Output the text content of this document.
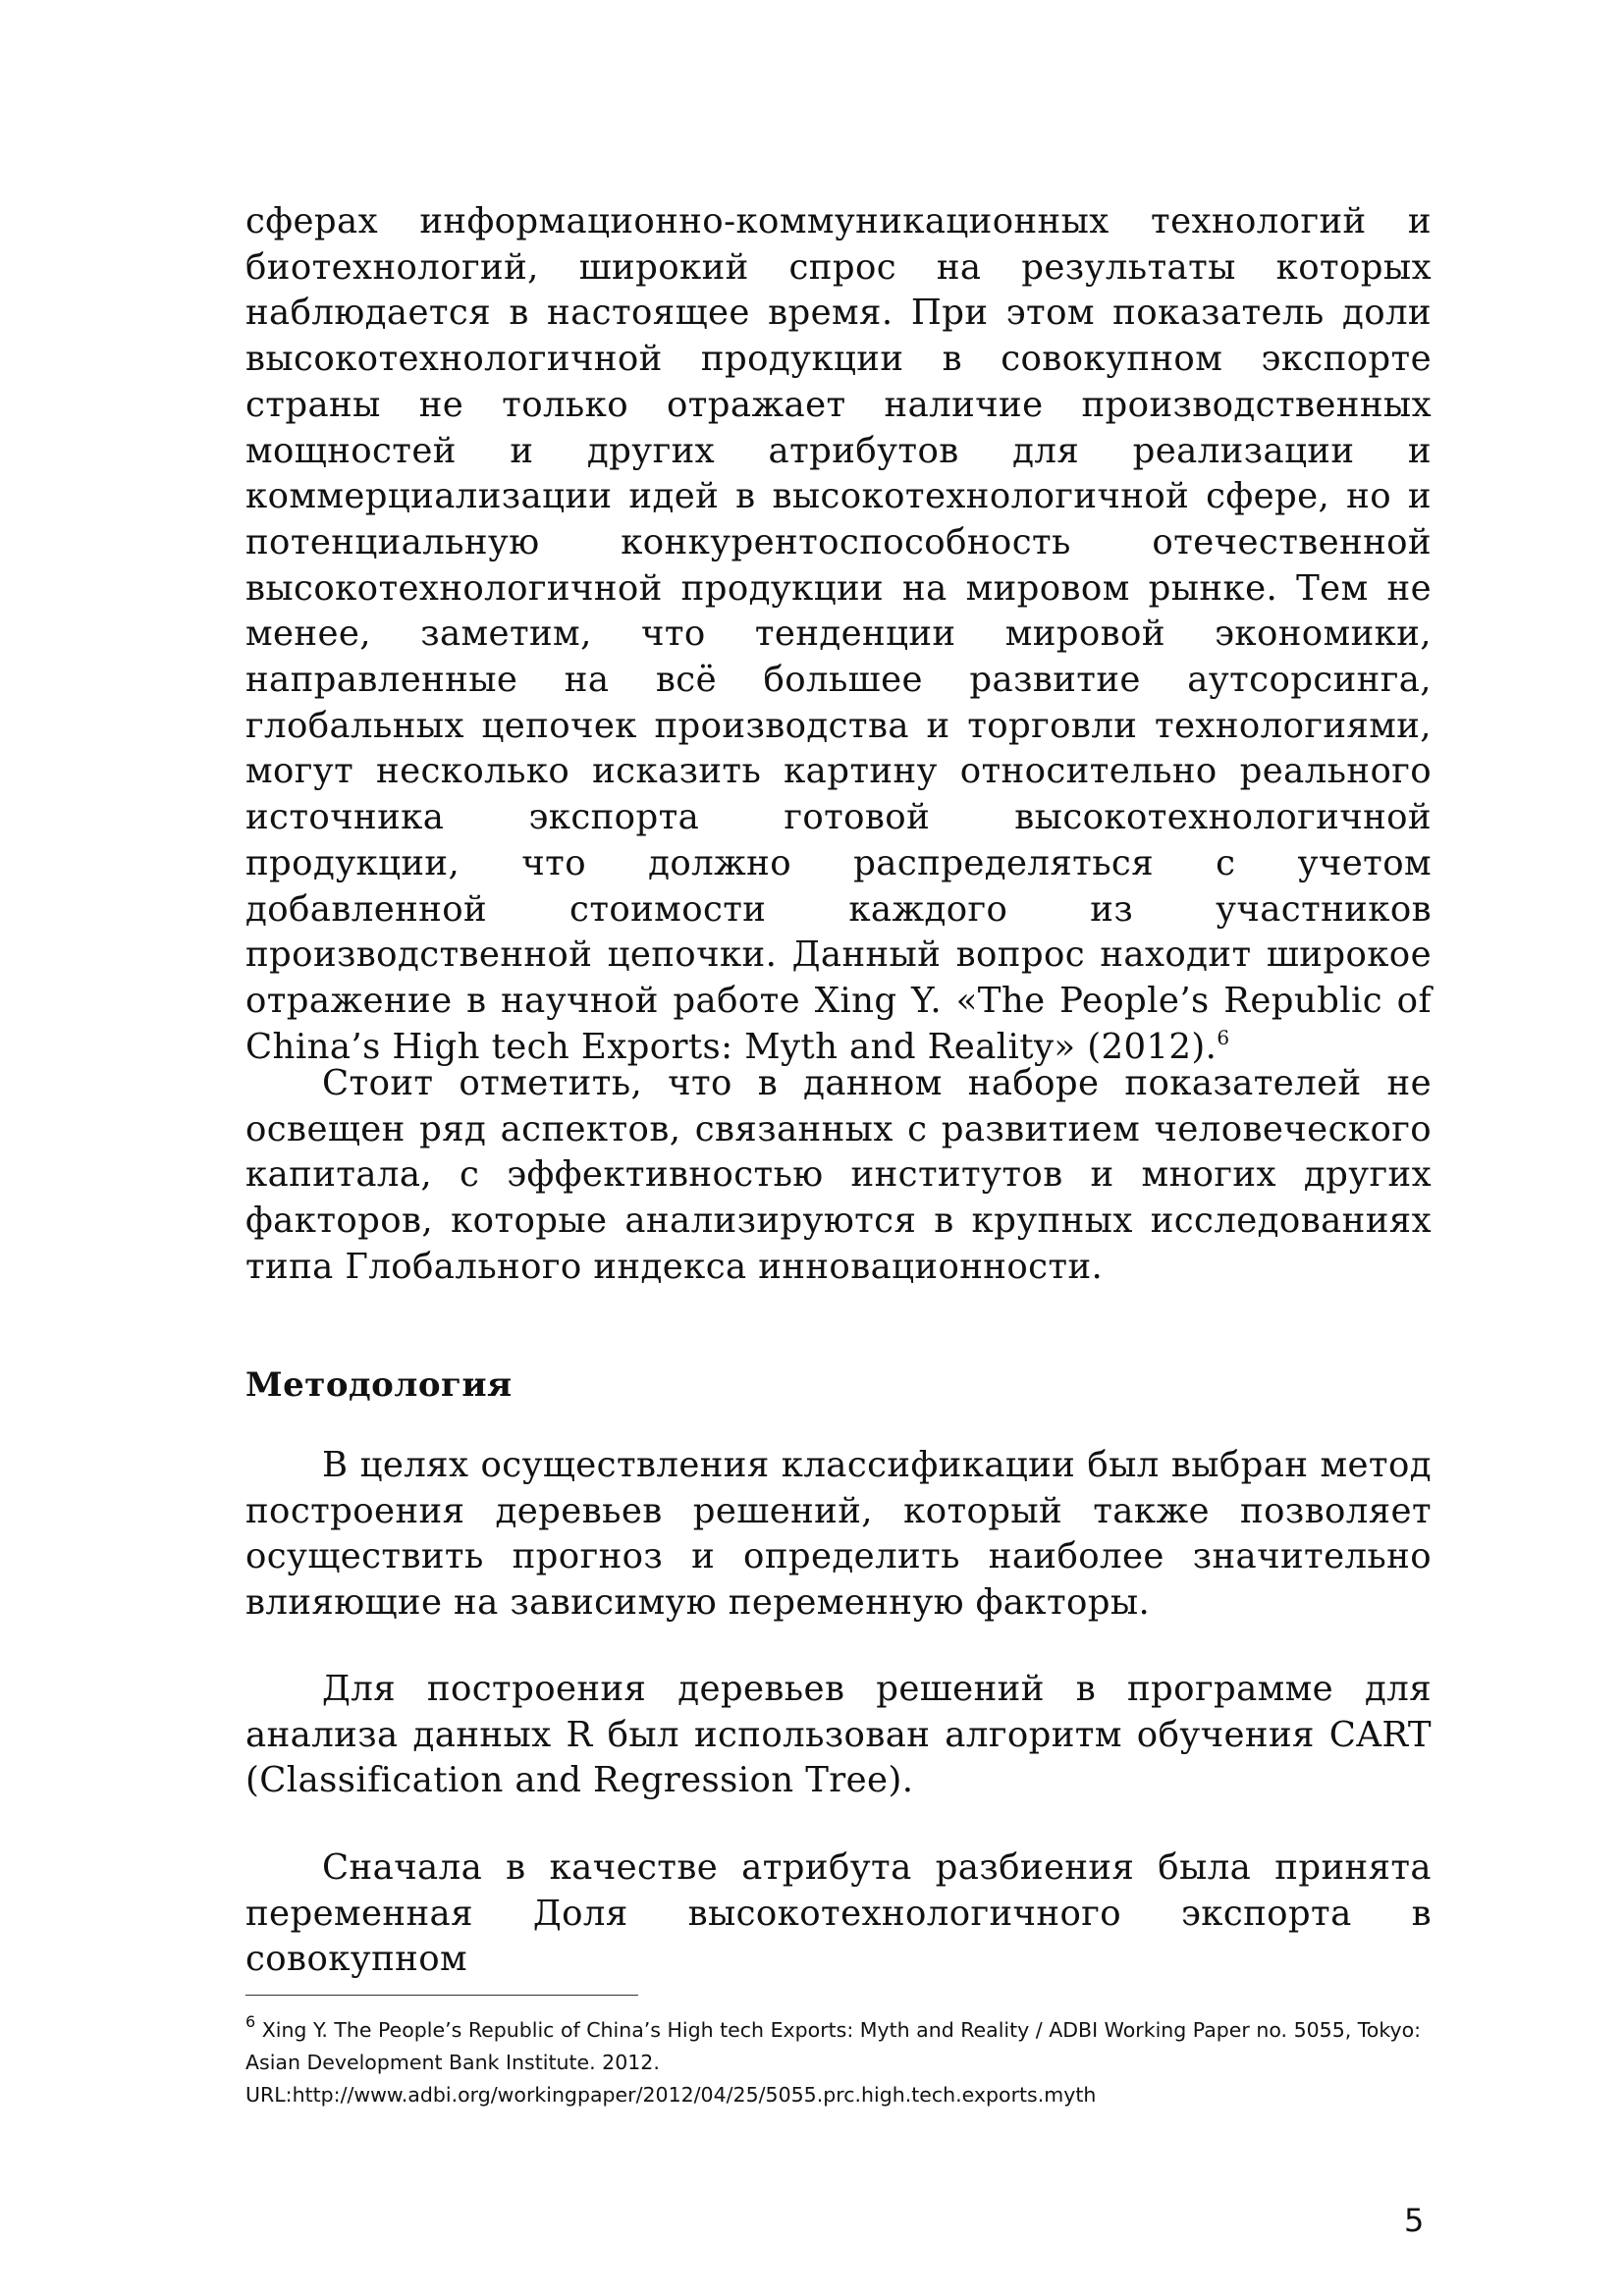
сферах информационно-коммуникационных технологий и биотехнологий, широкий спрос на результаты которых наблюдается в настоящее время. При этом показатель доли высокотехнологичной продукции в совокупном экспорте страны не только отражает наличие производственных мощностей и других атрибутов для реализации и коммерциализации идей в высокотехнологичной сфере, но и потенциальную конкурентоспособность отечественной высокотехнологичной продукции на мировом рынке. Тем не менее, заметим, что тенденции мировой экономики, направленные на всё большее развитие аутсорсинга, глобальных цепочек производства и торговли технологиями, могут несколько исказить картину относительно реального источника экспорта готовой высокотехнологичной продукции, что должно распределяться с учетом добавленной стоимости каждого из участников производственной цепочки. Данный вопрос находит широкое отражение в научной работе Xing Y. «The People’s Republic of China’s High tech Exports: Myth and Reality» (2012).$^6$

Стоит отметить, что в данном наборе показателей не освещен ряд аспектов, связанных с развитием человеческого капитала, с эффективностью институтов и многих других факторов, которые анализируются в крупных исследованиях типа Глобального индекса инновационности.

Методология

В целях осуществления классификации был выбран метод построения деревьев решений, который также позволяет осуществить прогноз и определить наиболее значительно влияющие на зависимую переменную факторы.

Для построения деревьев решений в программе для анализа данных R был использован алгоритм обучения CART (Classification and Regression Tree).

Сначала в качестве атрибута разбиения была принята переменная Доля высокотехнологичного экспорта в совокупном

$^6$ Xing Y. The People’s Republic of China’s High tech Exports: Myth and Reality / ADBI Working Paper no. 5055, Tokyo: Asian Development Bank Institute. 2012. URL:http://www.adbi.org/workingpaper/2012/04/25/5055.prc.high.tech.exports.myth

5
